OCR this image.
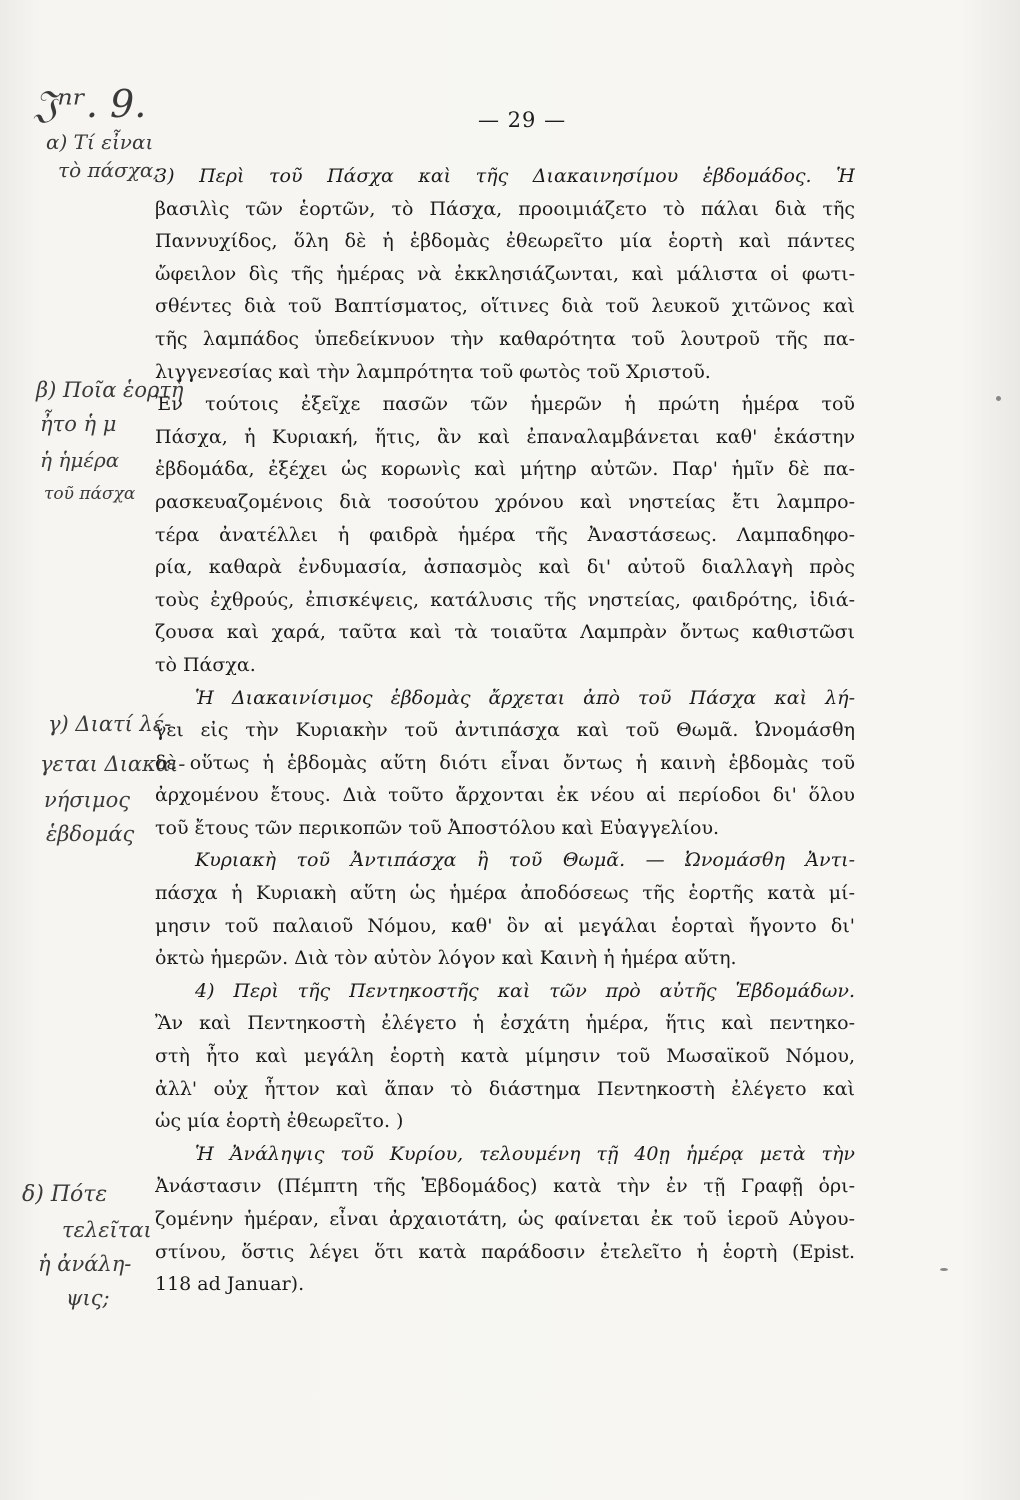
𝔍ⁿʳ. 9.	— 29 —
α) Τί εἶναι
τὸ πάσχα;
β) Ποῖα ἑορτὴ
ἦτο ἡ μ
ἡ ἡμέρα
τοῦ πάσχα
γ) Διατί λέ-
γεται Διακαι-
νήσιμος
ἑβδομάς
δ) Πότε
τελεῖται
ἡ ἀνάλη-
ψις;
3) Περὶ τοῦ Πάσχα καὶ τῆς Διακαινησίμου ἑβδομάδος. Ἡ
βασιλὶς τῶν ἑορτῶν, τὸ Πάσχα, προοιμιάζετο τὸ πάλαι διὰ τῆς
Παννυχίδος, ὅλη δὲ ἡ ἑβδομὰς ἐθεωρεῖτο μία ἑορτὴ καὶ πάντες
ὤφειλον δὶς τῆς ἡμέρας νὰ ἐκκλησιάζωνται, καὶ μάλιστα οἱ φωτι-
σθέντες διὰ τοῦ Βαπτίσματος, οἵτινες διὰ τοῦ λευκοῦ χιτῶνος καὶ
τῆς λαμπάδος ὑπεδείκνυον τὴν καθαρότητα τοῦ λουτροῦ τῆς πα-
λιγγενεσίας καὶ τὴν λαμπρότητα τοῦ φωτὸς τοῦ Χριστοῦ.
Ἐν τούτοις ἐξεῖχε πασῶν τῶν ἡμερῶν ἡ πρώτη ἡμέρα τοῦ
Πάσχα, ἡ Κυριακή, ἥτις, ἂν καὶ ἐπαναλαμβάνεται καθ' ἑκάστην
ἑβδομάδα, ἐξέχει ὡς κορωνὶς καὶ μήτηρ αὐτῶν. Παρ' ἡμῖν δὲ πα-
ρασκευαζομένοις διὰ τοσούτου χρόνου καὶ νηστείας ἔτι λαμπρο-
τέρα ἀνατέλλει ἡ φαιδρὰ ἡμέρα τῆς Ἀναστάσεως. Λαμπαδηφο-
ρία, καθαρὰ ἐνδυμασία, ἀσπασμὸς καὶ δι' αὐτοῦ διαλλαγὴ πρὸς
τοὺς ἐχθρούς, ἐπισκέψεις, κατάλυσις τῆς νηστείας, φαιδρότης, ἰδιά-
ζουσα καὶ χαρά, ταῦτα καὶ τὰ τοιαῦτα Λαμπρὰν ὄντως καθιστῶσι
τὸ Πάσχα.
Ἡ Διακαινίσιμος ἑβδομὰς ἄρχεται ἀπὸ τοῦ Πάσχα καὶ λή-
γει εἰς τὴν Κυριακὴν τοῦ ἀντιπάσχα καὶ τοῦ Θωμᾶ. Ὠνομάσθη
δὲ οὕτως ἡ ἑβδομὰς αὕτη διότι εἶναι ὄντως ἡ καινὴ ἑβδομὰς τοῦ
ἀρχομένου ἔτους. Διὰ τοῦτο ἄρχονται ἐκ νέου αἱ περίοδοι δι' ὅλου
τοῦ ἔτους τῶν περικοπῶν τοῦ Ἀποστόλου καὶ Εὐαγγελίου.
Κυριακὴ τοῦ Ἀντιπάσχα ἢ τοῦ Θωμᾶ. — Ὠνομάσθη Ἀντι-
πάσχα ἡ Κυριακὴ αὕτη ὡς ἡμέρα ἀποδόσεως τῆς ἑορτῆς κατὰ μί-
μησιν τοῦ παλαιοῦ Νόμου, καθ' ὃν αἱ μεγάλαι ἑορταὶ ἤγοντο δι'
ὀκτὼ ἡμερῶν. Διὰ τὸν αὐτὸν λόγον καὶ Καινὴ ἡ ἡμέρα αὕτη.
4) Περὶ τῆς Πεντηκοστῆς καὶ τῶν πρὸ αὐτῆς Ἑβδομάδων.
Ἂν καὶ Πεντηκοστὴ ἐλέγετο ἡ ἐσχάτη ἡμέρα, ἥτις καὶ πεντηκο-
στὴ ἦτο καὶ μεγάλη ἑορτὴ κατὰ μίμησιν τοῦ Μωσαϊκοῦ Νόμου,
ἀλλ' οὐχ ἧττον καὶ ἅπαν τὸ διάστημα Πεντηκοστὴ ἐλέγετο καὶ
ὡς μία ἑορτὴ ἐθεωρεῖτο. )
Ἡ Ἀνάληψις τοῦ Κυρίου, τελουμένη τῇ 40ῃ ἡμέρᾳ μετὰ τὴν
Ἀνάστασιν (Πέμπτη τῆς Ἑβδομάδος) κατὰ τὴν ἐν τῇ Γραφῇ ὁρι-
ζομένην ἡμέραν, εἶναι ἀρχαιοτάτη, ὡς φαίνεται ἐκ τοῦ ἱεροῦ Αὐγου-
στίνου, ὅστις λέγει ὅτι κατὰ παράδοσιν ἐτελεῖτο ἡ ἑορτὴ (Epist.
118 ad Januar).
